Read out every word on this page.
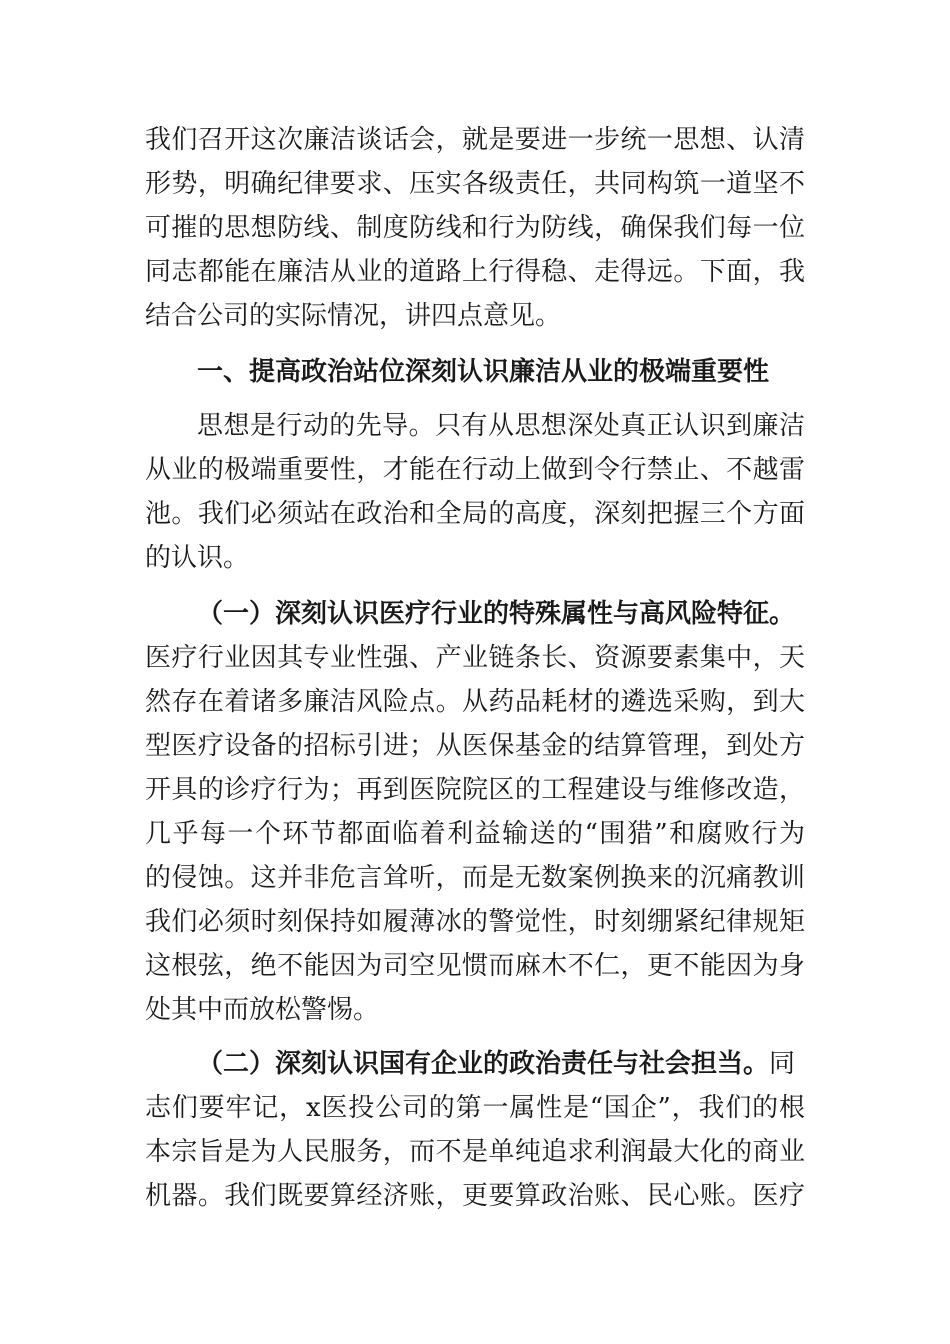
我们召开这次廉洁谈话会，就是要进一步统一思想、认清
形势，明确纪律要求、压实各级责任，共同构筑一道坚不
可摧的思想防线、制度防线和行为防线，确保我们每一位
同志都能在廉洁从业的道路上行得稳、走得远。下面，我
结合公司的实际情况，讲四点意见。
一、提高政治站位深刻认识廉洁从业的极端重要性
思想是行动的先导。只有从思想深处真正认识到廉洁
从业的极端重要性，才能在行动上做到令行禁止、不越雷
池。我们必须站在政治和全局的高度，深刻把握三个方面
的认识。
（一）深刻认识医疗行业的特殊属性与高风险特征。
医疗行业因其专业性强、产业链条长、资源要素集中，天
然存在着诸多廉洁风险点。从药品耗材的遴选采购，到大
型医疗设备的招标引进；从医保基金的结算管理，到处方
开具的诊疗行为；再到医院院区的工程建设与维修改造，
几乎每一个环节都面临着利益输送的“围猎”和腐败行为
的侵蚀。这并非危言耸听，而是无数案例换来的沉痛教训
我们必须时刻保持如履薄冰的警觉性，时刻绷紧纪律规矩
这根弦，绝不能因为司空见惯而麻木不仁，更不能因为身
处其中而放松警惕。
（二）深刻认识国有企业的政治责任与社会担当。同
志们要牢记，x医投公司的第一属性是“国企”，我们的根
本宗旨是为人民服务，而不是单纯追求利润最大化的商业
机器。我们既要算经济账，更要算政治账、民心账。医疗
